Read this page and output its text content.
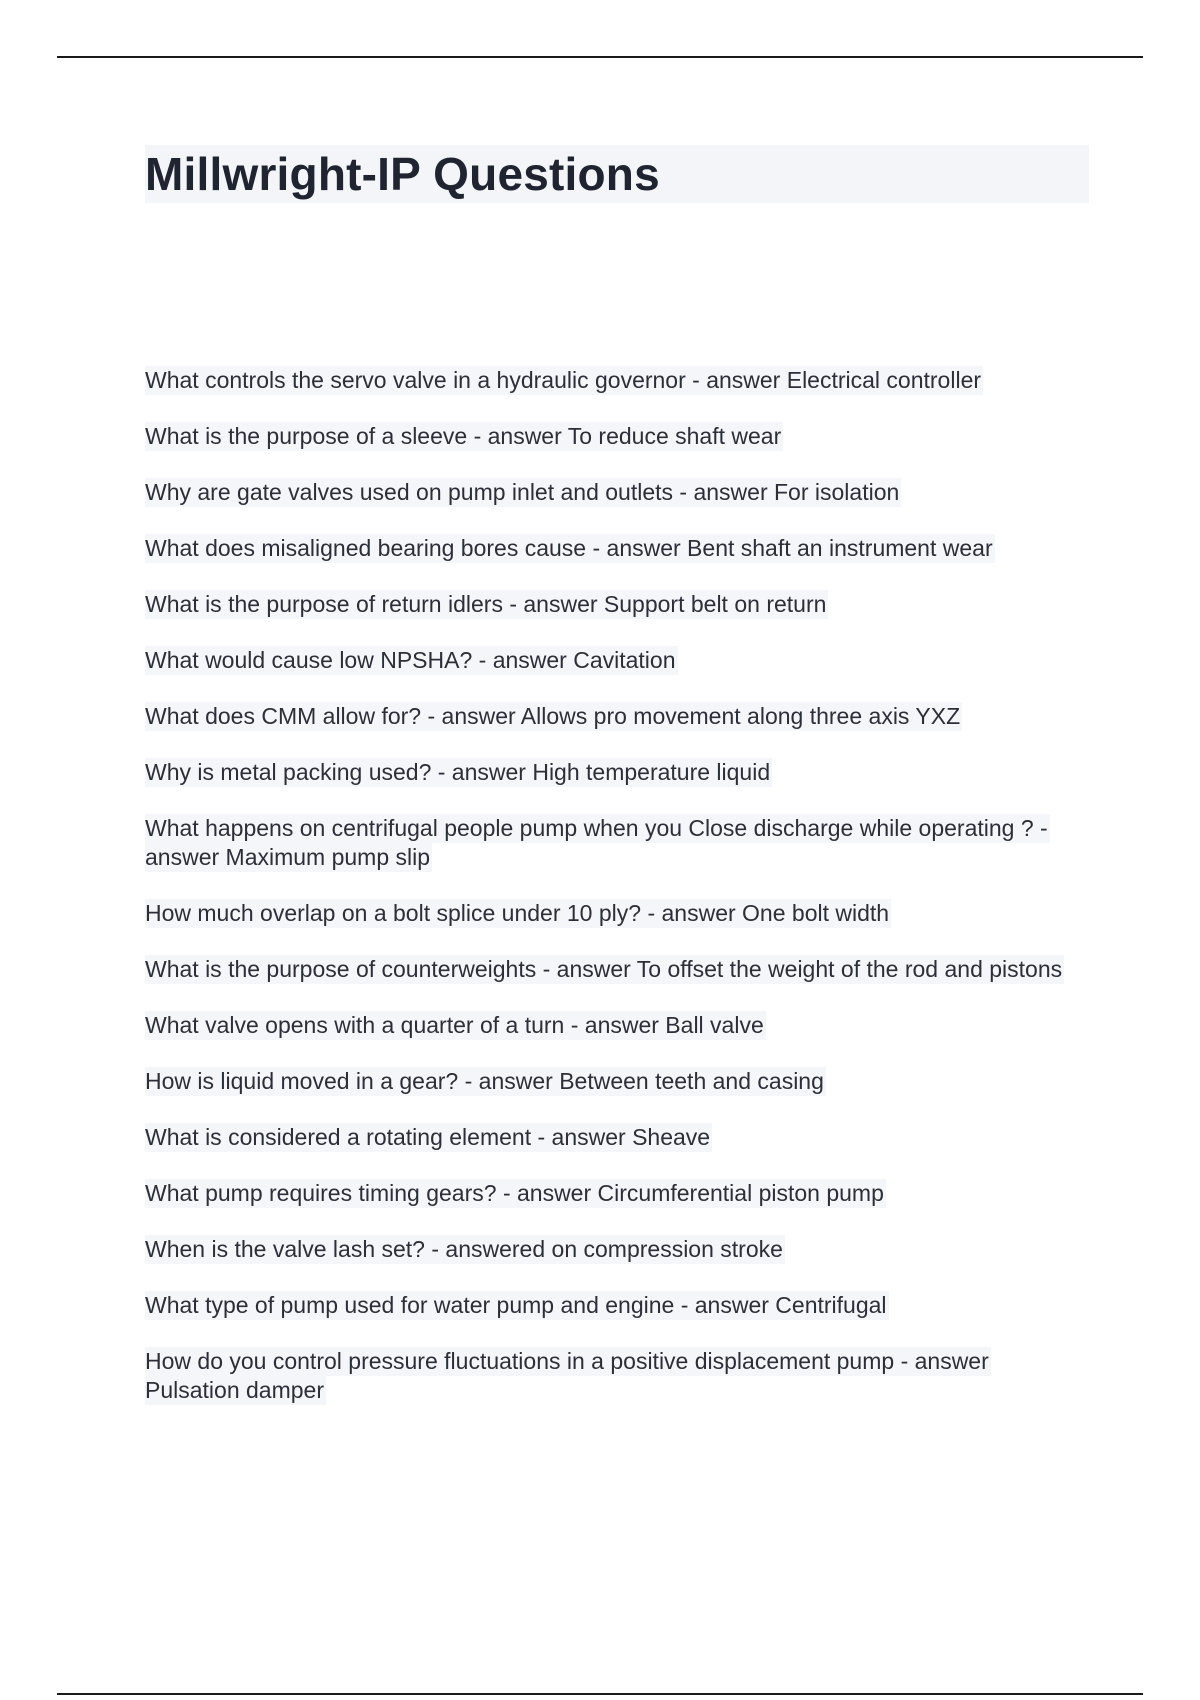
Millwright-IP Questions
What controls the servo valve in a hydraulic governor - answer Electrical controller
What is the purpose of a sleeve - answer To reduce shaft wear
Why are gate valves used on pump inlet and outlets - answer For isolation
What does misaligned bearing bores cause - answer Bent shaft an instrument wear
What is the purpose of return idlers - answer Support belt on return
What would cause low NPSHA? - answer Cavitation
What does CMM allow for? - answer Allows pro movement along three axis YXZ
Why is metal packing used? - answer High temperature liquid
What happens on centrifugal people pump when you Close discharge while operating ? - answer Maximum pump slip
How much overlap on a bolt splice under 10 ply? - answer One bolt width
What is the purpose of counterweights - answer To offset the weight of the rod and pistons
What valve opens with a quarter of a turn - answer Ball valve
How is liquid moved in a gear? - answer Between teeth and casing
What is considered a rotating element - answer Sheave
What pump requires timing gears? - answer Circumferential piston pump
When is the valve lash set? - answered on compression stroke
What type of pump used for water pump and engine - answer Centrifugal
How do you control pressure fluctuations in a positive displacement pump - answer Pulsation damper
